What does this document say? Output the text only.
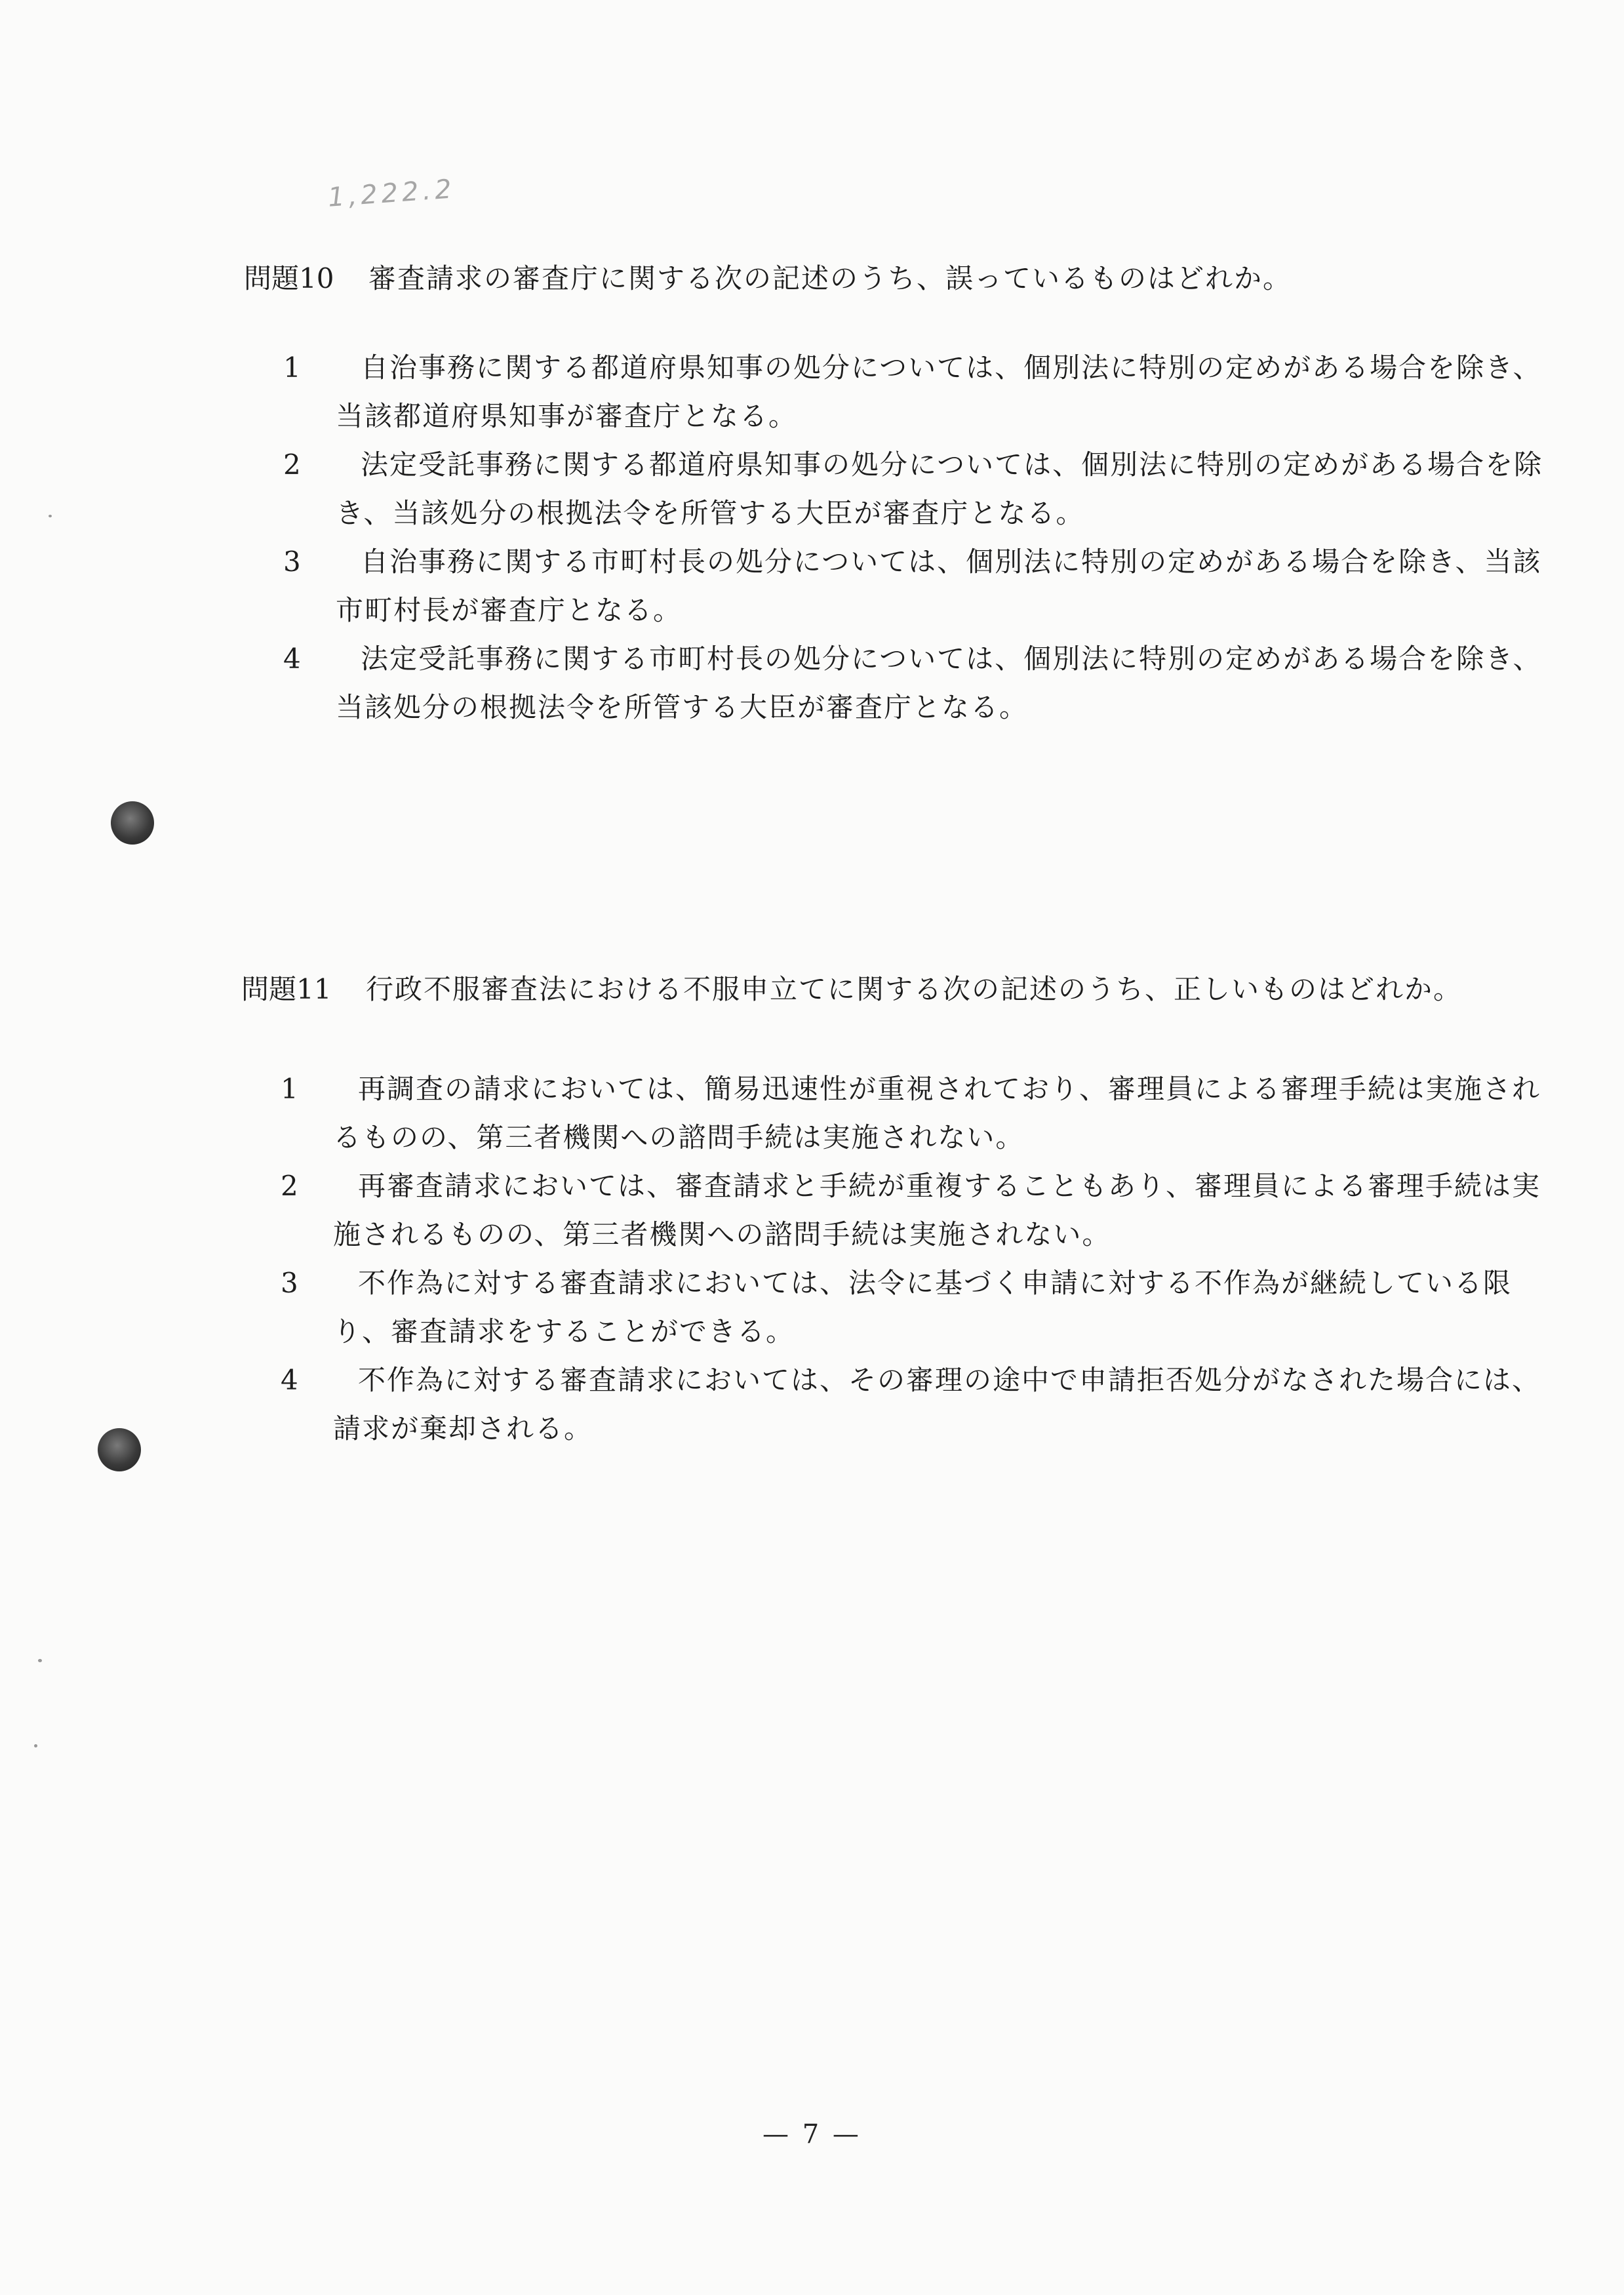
1,222.2
問題10 審査請求の審査庁に関する次の記述のうち、誤っているものはどれか。
1	自治事務に関する都道府県知事の処分については、個別法に特別の定めがある場合を除き、当該都道府県知事が審査庁となる。
2	法定受託事務に関する都道府県知事の処分については、個別法に特別の定めがある場合を除き、当該処分の根拠法令を所管する大臣が審査庁となる。
3	自治事務に関する市町村長の処分については、個別法に特別の定めがある場合を除き、当該市町村長が審査庁となる。
4	法定受託事務に関する市町村長の処分については、個別法に特別の定めがある場合を除き、当該処分の根拠法令を所管する大臣が審査庁となる。
問題11 行政不服審査法における不服申立てに関する次の記述のうち、正しいものはどれか。
1	再調査の請求においては、簡易迅速性が重視されており、審理員による審理手続は実施されるものの、第三者機関への諮問手続は実施されない。
2	再審査請求においては、審査請求と手続が重複することもあり、審理員による審理手続は実施されるものの、第三者機関への諮問手続は実施されない。
3	不作為に対する審査請求においては、法令に基づく申請に対する不作為が継続している限り、審査請求をすることができる。
4	不作為に対する審査請求においては、その審理の途中で申請拒否処分がなされた場合には、請求が棄却される。
— 7 —
